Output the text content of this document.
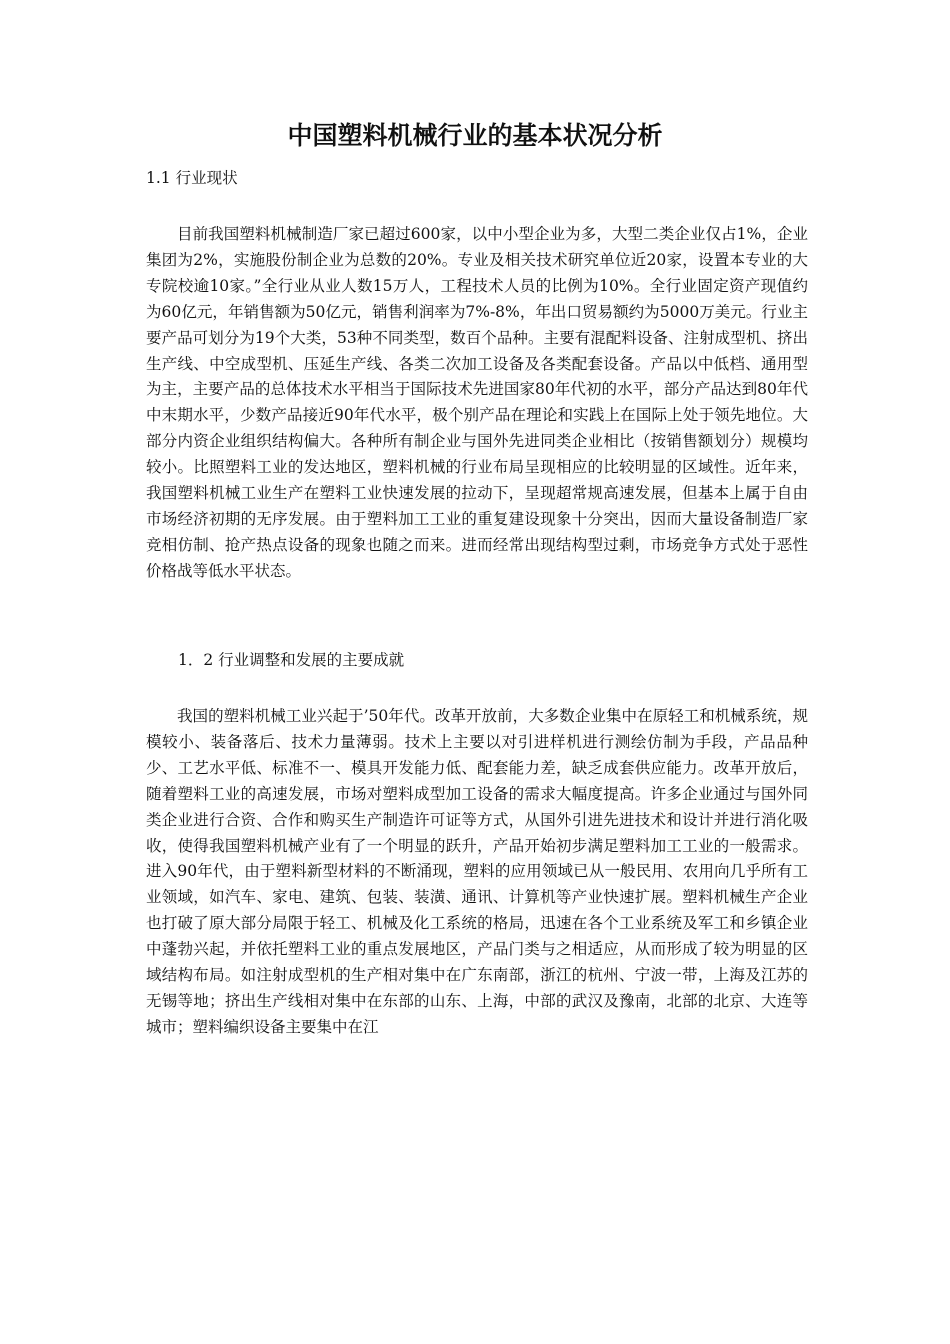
中国塑料机械行业的基本状况分析

1.1 行业现状

目前我国塑料机械制造厂家已超过600家，以中小型企业为多，大型二类企业仅占1%，企业集团为2%，实施股份制企业为总数的20%。专业及相关技术研究单位近20家，设置本专业的大专院校逾10家。”全行业从业人数15万人，工程技术人员的比例为10%。全行业固定资产现值约为60亿元，年销售额为50亿元，销售利润率为7%-8%，年出口贸易额约为5000万美元。行业主要产品可划分为19个大类，53种不同类型，数百个品种。主要有混配料设备、注射成型机、挤出生产线、中空成型机、压延生产线、各类二次加工设备及各类配套设备。产品以中低档、通用型为主，主要产品的总体技术水平相当于国际技术先进国家80年代初的水平，部分产品达到80年代中末期水平，少数产品接近90年代水平，极个别产品在理论和实践上在国际上处于领先地位。大部分内资企业组织结构偏大。各种所有制企业与国外先进同类企业相比（按销售额划分）规模均较小。比照塑料工业的发达地区，塑料机械的行业布局呈现相应的比较明显的区域性。近年来，我国塑料机械工业生产在塑料工业快速发展的拉动下，呈现超常规高速发展，但基本上属于自由市场经济初期的无序发展。由于塑料加工工业的重复建设现象十分突出，因而大量设备制造厂家竞相仿制、抢产热点设备的现象也随之而来。进而经常出现结构型过剩，市场竞争方式处于恶性价格战等低水平状态。

1．2 行业调整和发展的主要成就

我国的塑料机械工业兴起于’50年代。改革开放前，大多数企业集中在原轻工和机械系统，规模较小、装备落后、技术力量薄弱。技术上主要以对引进样机进行测绘仿制为手段，产品品种少、工艺水平低、标准不一、模具开发能力低、配套能力差，缺乏成套供应能力。改革开放后，随着塑料工业的高速发展，市场对塑料成型加工设备的需求大幅度提高。许多企业通过与国外同类企业进行合资、合作和购买生产制造许可证等方式，从国外引进先进技术和设计并进行消化吸收，使得我国塑料机械产业有了一个明显的跃升，产品开始初步满足塑料加工工业的一般需求。进入90年代，由于塑料新型材料的不断涌现，塑料的应用领域已从一般民用、农用向几乎所有工业领域，如汽车、家电、建筑、包装、装潢、通讯、计算机等产业快速扩展。塑料机械生产企业也打破了原大部分局限于轻工、机械及化工系统的格局，迅速在各个工业系统及军工和乡镇企业中蓬勃兴起，并依托塑料工业的重点发展地区，产品门类与之相适应，从而形成了较为明显的区域结构布局。如注射成型机的生产相对集中在广东南部，浙江的杭州、宁波一带，上海及江苏的无锡等地；挤出生产线相对集中在东部的山东、上海，中部的武汉及豫南，北部的北京、大连等城市；塑料编织设备主要集中在江
